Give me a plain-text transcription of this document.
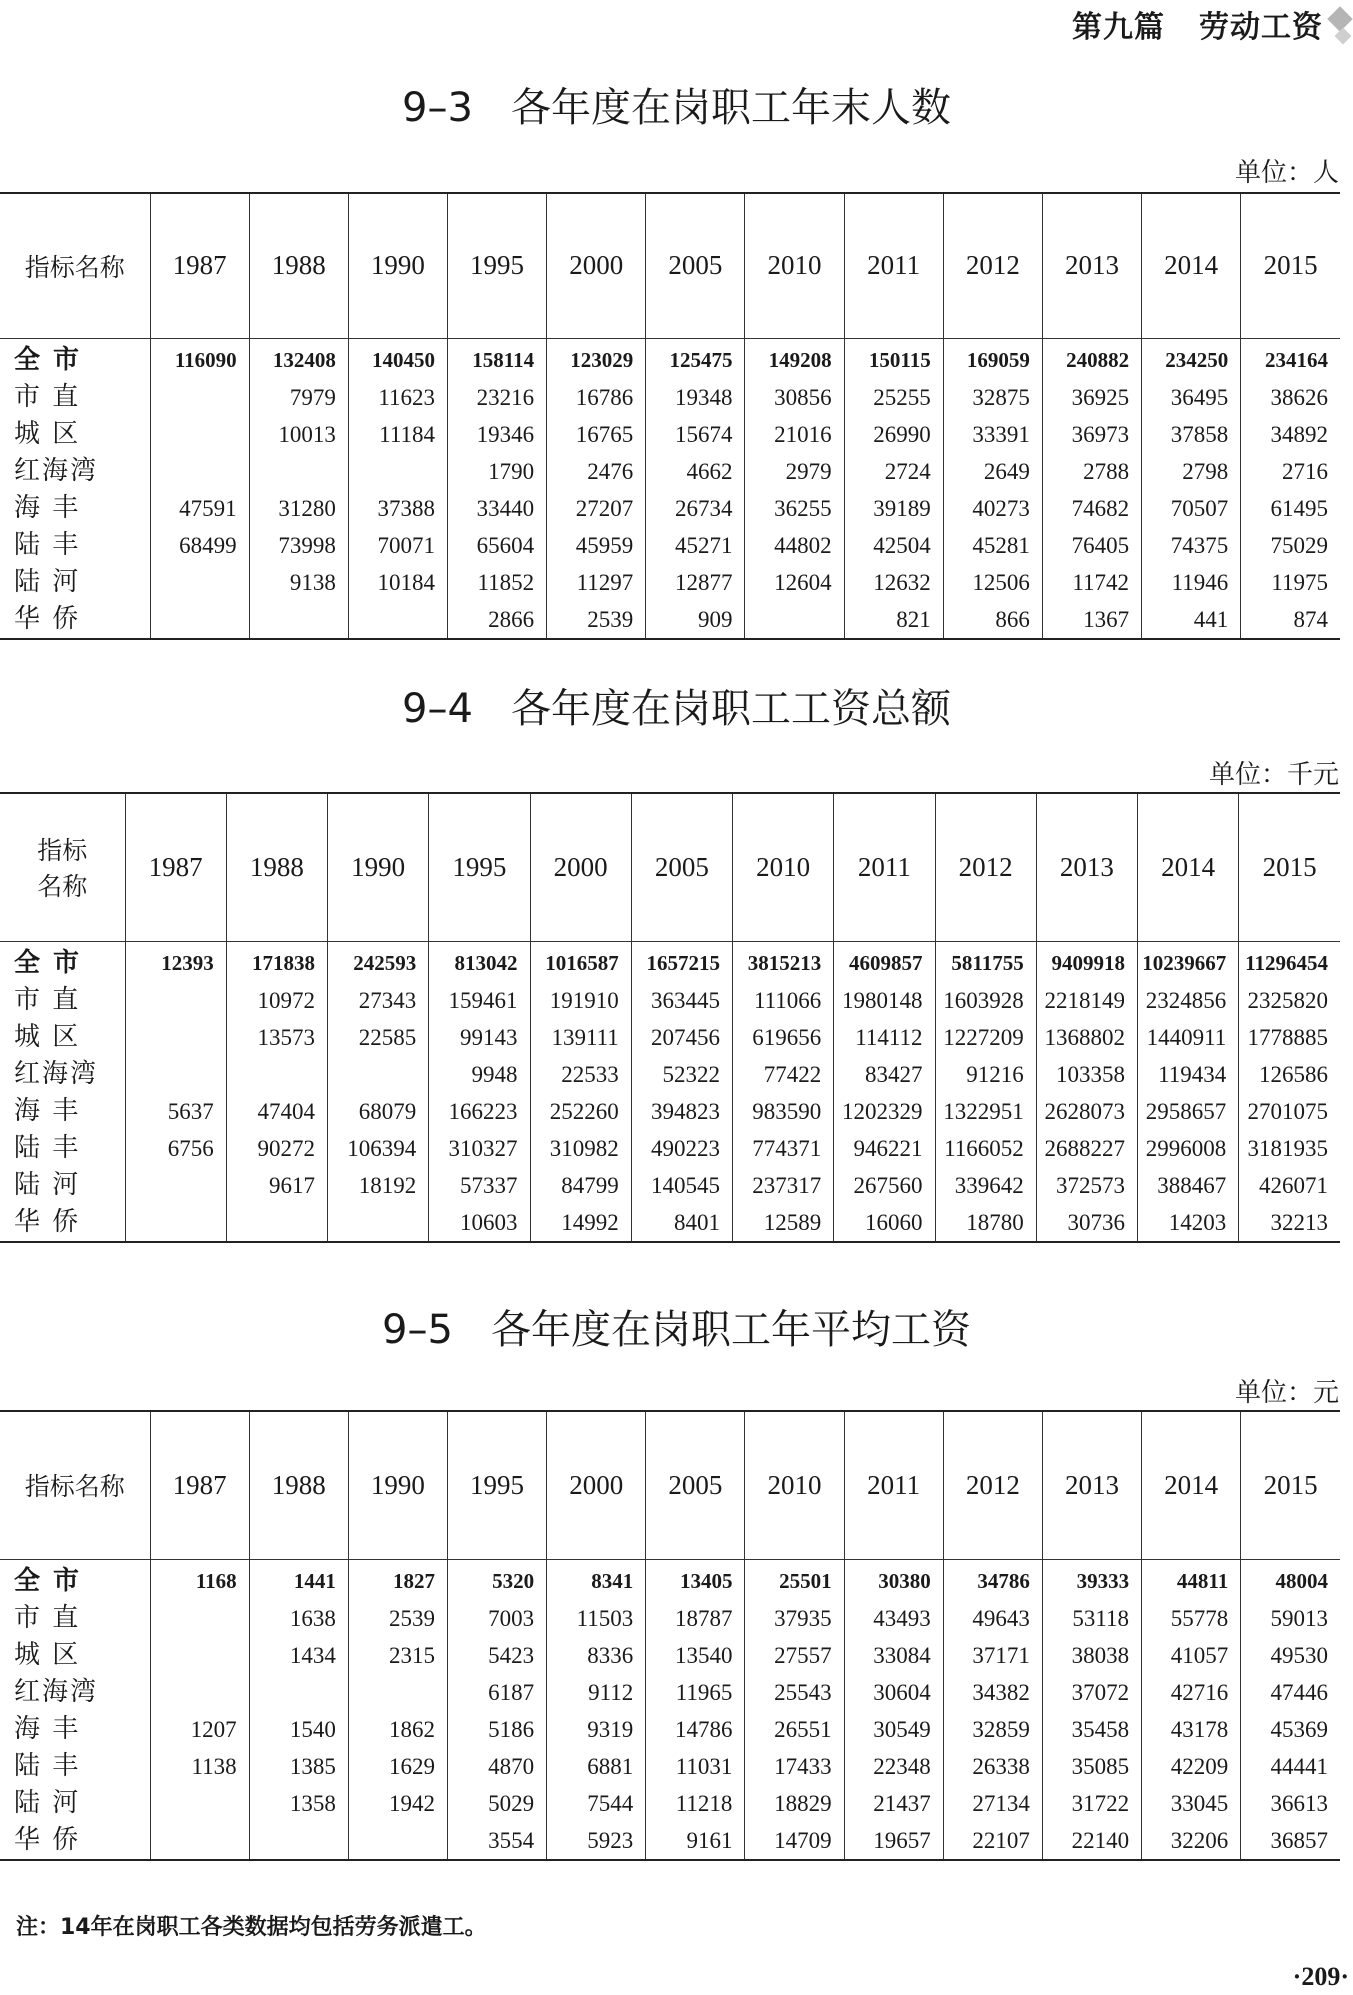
第九篇 劳动工资
9–3 各年度在岗职工年末人数
单位：人
指标名称	1987	1988	1990	1995	2000	2005	2010	2011	2012	2013	2014	2015
全 市	116090	132408	140450	158114	123029	125475	149208	150115	169059	240882	234250	234164
市 直		7979	11623	23216	16786	19348	30856	25255	32875	36925	36495	38626
城 区		10013	11184	19346	16765	15674	21016	26990	33391	36973	37858	34892
红海湾				1790	2476	4662	2979	2724	2649	2788	2798	2716
海 丰	47591	31280	37388	33440	27207	26734	36255	39189	40273	74682	70507	61495
陆 丰	68499	73998	70071	65604	45959	45271	44802	42504	45281	76405	74375	75029
陆 河		9138	10184	11852	11297	12877	12604	12632	12506	11742	11946	11975
华 侨				2866	2539	909		821	866	1367	441	874
9–4 各年度在岗职工工资总额
单位：千元
指标
名称	1987	1988	1990	1995	2000	2005	2010	2011	2012	2013	2014	2015
全 市	12393	171838	242593	813042	1016587	1657215	3815213	4609857	5811755	9409918	10239667	11296454
市 直		10972	27343	159461	191910	363445	111066	1980148	1603928	2218149	2324856	2325820
城 区		13573	22585	99143	139111	207456	619656	114112	1227209	1368802	1440911	1778885
红海湾				9948	22533	52322	77422	83427	91216	103358	119434	126586
海 丰	5637	47404	68079	166223	252260	394823	983590	1202329	1322951	2628073	2958657	2701075
陆 丰	6756	90272	106394	310327	310982	490223	774371	946221	1166052	2688227	2996008	3181935
陆 河		9617	18192	57337	84799	140545	237317	267560	339642	372573	388467	426071
华 侨				10603	14992	8401	12589	16060	18780	30736	14203	32213
9–5 各年度在岗职工年平均工资
单位：元
指标名称	1987	1988	1990	1995	2000	2005	2010	2011	2012	2013	2014	2015
全 市	1168	1441	1827	5320	8341	13405	25501	30380	34786	39333	44811	48004
市 直		1638	2539	7003	11503	18787	37935	43493	49643	53118	55778	59013
城 区		1434	2315	5423	8336	13540	27557	33084	37171	38038	41057	49530
红海湾				6187	9112	11965	25543	30604	34382	37072	42716	47446
海 丰	1207	1540	1862	5186	9319	14786	26551	30549	32859	35458	43178	45369
陆 丰	1138	1385	1629	4870	6881	11031	17433	22348	26338	35085	42209	44441
陆 河		1358	1942	5029	7544	11218	18829	21437	27134	31722	33045	36613
华 侨				3554	5923	9161	14709	19657	22107	22140	32206	36857
注：14年在岗职工各类数据均包括劳务派遣工。
·209·
